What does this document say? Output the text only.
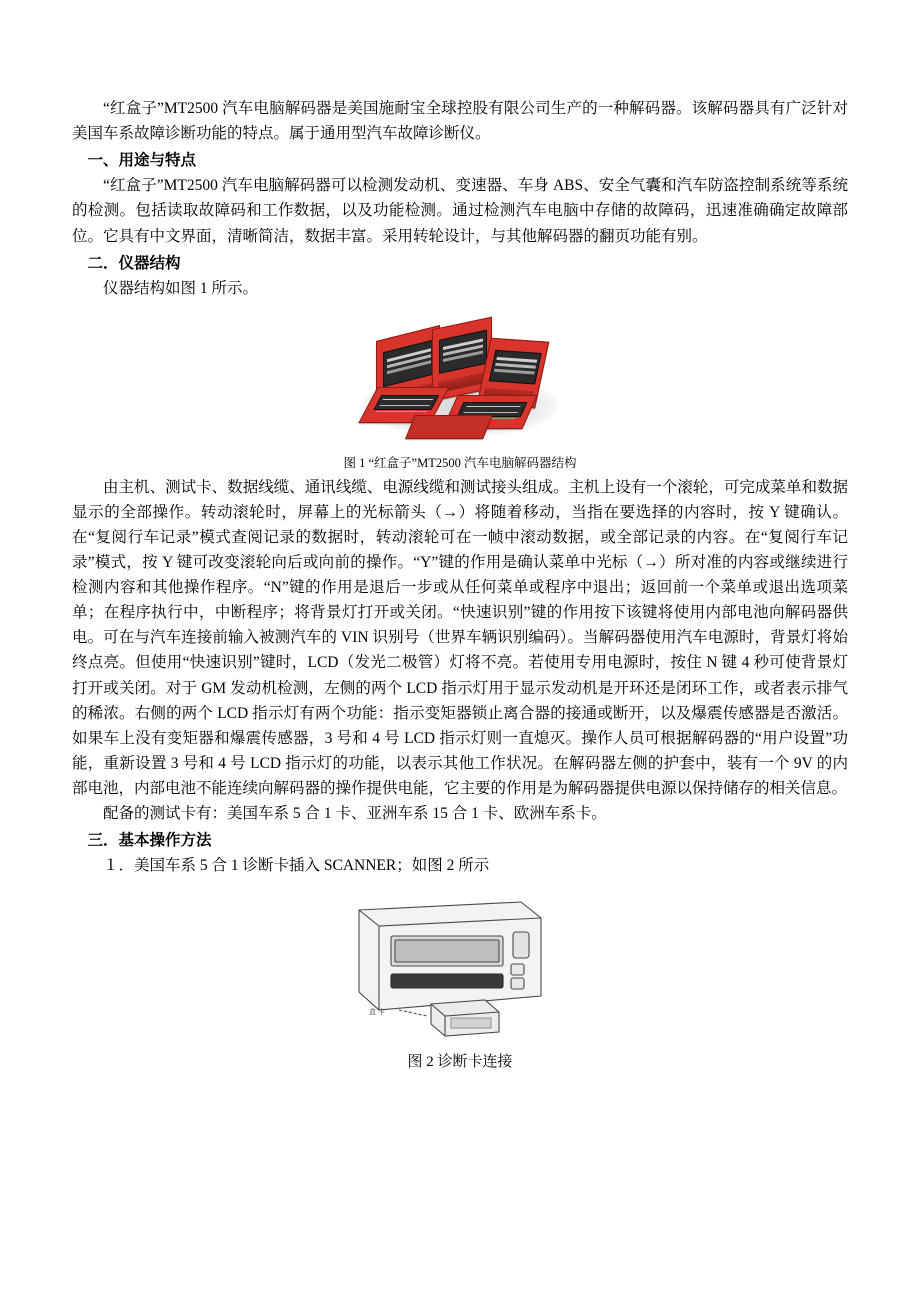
“红盒子”MT2500 汽车电脑解码器是美国施耐宝全球控股有限公司生产的一种解码器。该解码器具有广泛针对美国车系故障诊断功能的特点。属于通用型汽车故障诊断仪。

一、用途与特点

“红盒子”MT2500 汽车电脑解码器可以检测发动机、变速器、车身 ABS、安全气囊和汽车防盗控制系统等系统的检测。包括读取故障码和工作数据，以及功能检测。通过检测汽车电脑中存储的故障码，迅速准确确定故障部位。它具有中文界面，清晰简洁，数据丰富。采用转轮设计，与其他解码器的翻页功能有别。

二．仪器结构

仪器结构如图 1 所示。

图 1 “红盒子”MT2500 汽车电脑解码器结构

由主机、测试卡、数据线缆、通讯线缆、电源线缆和测试接头组成。主机上设有一个滚轮，可完成菜单和数据显示的全部操作。转动滚轮时，屏幕上的光标箭头（→）将随着移动，当指在要选择的内容时，按 Y 键确认。在“复阅行车记录”模式查阅记录的数据时，转动滚轮可在一帧中滚动数据，或全部记录的内容。在“复阅行车记录”模式，按 Y 键可改变滚轮向后或向前的操作。“Y”键的作用是确认菜单中光标（→）所对准的内容或继续进行检测内容和其他操作程序。“N”键的作用是退后一步或从任何菜单或程序中退出；返回前一个菜单或退出选项菜单；在程序执行中，中断程序；将背景灯打开或关闭。“快速识别”键的作用按下该键将使用内部电池向解码器供电。可在与汽车连接前输入被测汽车的 VIN 识别号（世界车辆识别编码）。当解码器使用汽车电源时，背景灯将始终点亮。但使用“快速识别”键时，LCD（发光二极管）灯将不亮。若使用专用电源时，按住 N 键 4 秒可使背景灯打开或关闭。对于 GM 发动机检测，左侧的两个 LCD 指示灯用于显示发动机是开环还是闭环工作，或者表示排气的稀浓。右侧的两个 LCD 指示灯有两个功能：指示变矩器锁止离合器的接通或断开，以及爆震传感器是否激活。如果车上没有变矩器和爆震传感器，3 号和 4 号 LCD 指示灯则一直熄灭。操作人员可根据解码器的“用户设置”功能，重新设置 3 号和 4 号 LCD 指示灯的功能，以表示其他工作状况。在解码器左侧的护套中，装有一个 9V 的内部电池，内部电池不能连续向解码器的操作提供电能，它主要的作用是为解码器提供电源以保持储存的相关信息。

配备的测试卡有：美国车系 5 合 1 卡、亚洲车系 15 合 1 卡、欧洲车系卡。

三．基本操作方法

１．美国车系 5 合 1 诊断卡插入 SCANNER；如图 2 所示

盒 卡

图 2 诊断卡连接
